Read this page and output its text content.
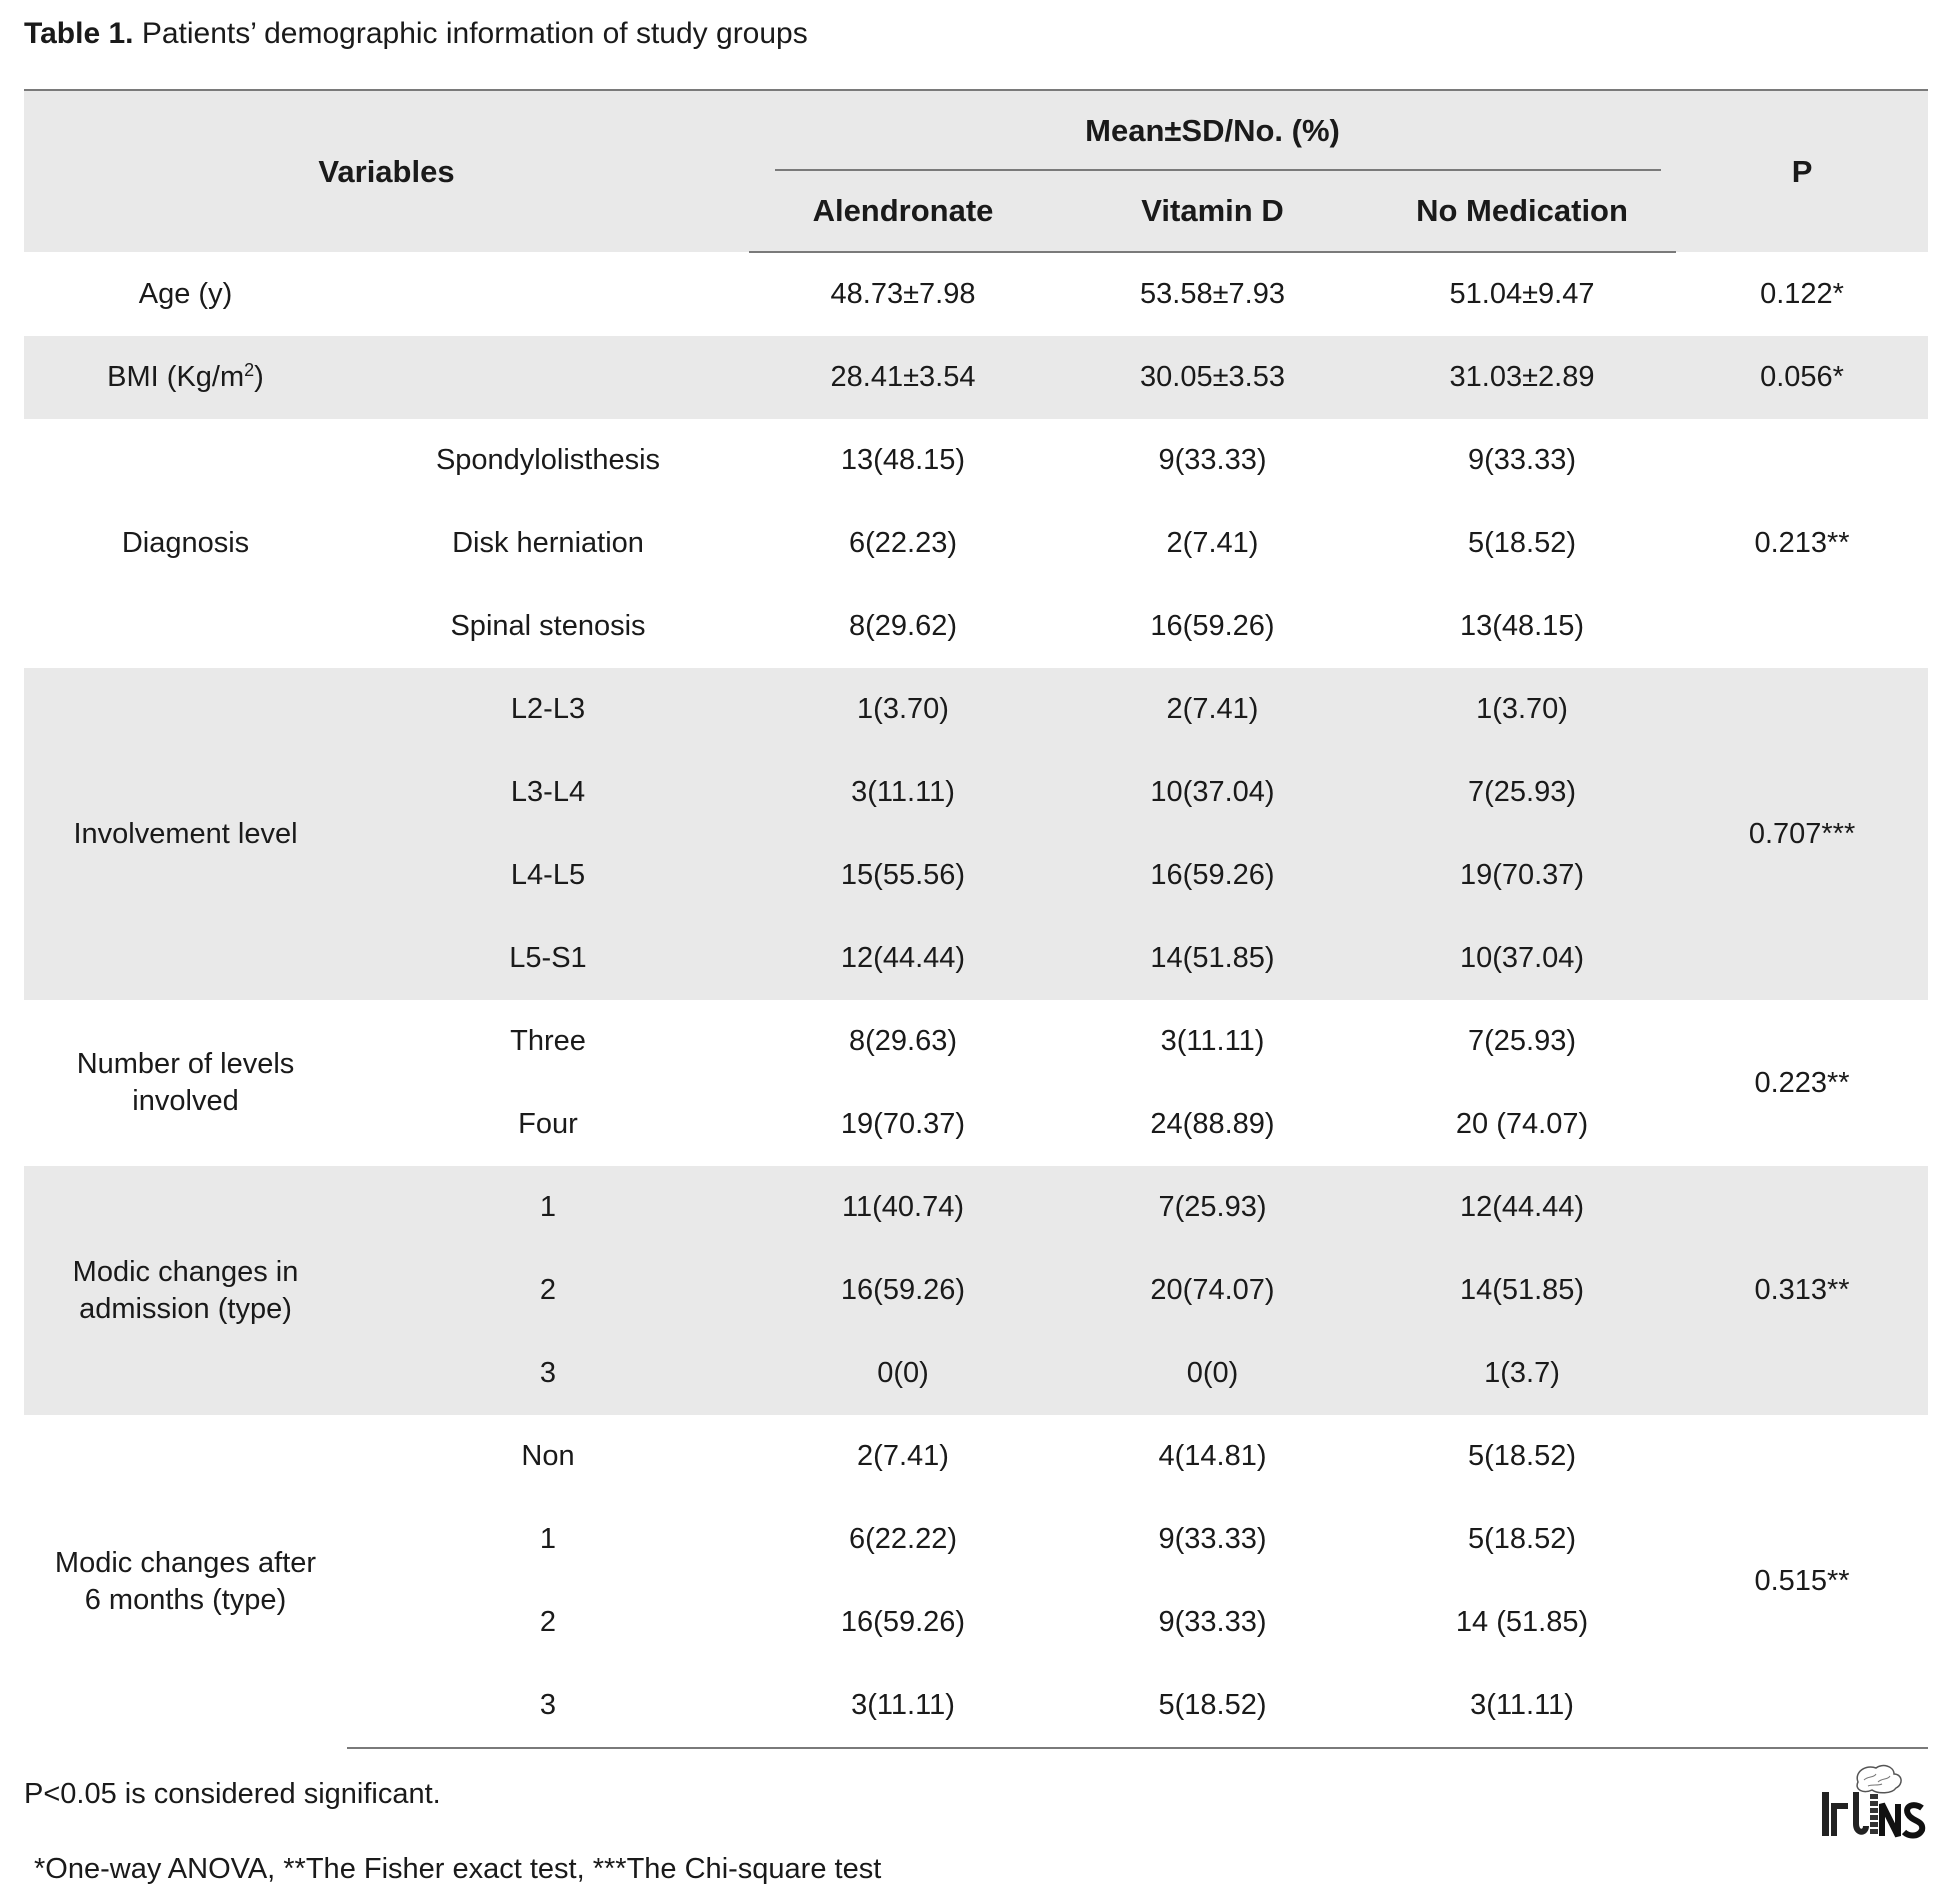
Table 1. Patients’ demographic information of study groups
Variables		Mean±SD/No. (%)			P
		Alendronate	Vitamin D	No Medication	
Age (y)		48.73±7.98	53.58±7.93	51.04±9.47	0.122*
BMI $(Kg/m^2)$		28.41±3.54	30.05±3.53	31.03±2.89	0.056*
Diagnosis	Spondylolisthesis	13(48.15)	9(33.33)	9(33.33)	0.213**
	Disk herniation	6(22.23)	2(7.41)	5(18.52)	
	Spinal stenosis	8(29.62)	16(59.26)	13(48.15)	
Involvement level	L2-L3	1(3.70)	2(7.41)	1(3.70)	0.707***
	L3-L4	3(11.11)	10(37.04)	7(25.93)	
	L4-L5	15(55.56)	16(59.26)	19(70.37)	
	L5-S1	12(44.44)	14(51.85)	10(37.04)	
Number of levels
involved	Three	8(29.63)	3(11.11)	7(25.93)	0.223**
	Four	19(70.37)	24(88.89)	20 (74.07)	
Modic changes in
admission (type)	1	11(40.74)	7(25.93)	12(44.44)	0.313**
	2	16(59.26)	20(74.07)	14(51.85)	
	3	0(0)	0(0)	1(3.7)	
Modic changes after
6 months (type)	Non	2(7.41)	4(14.81)	5(18.52)	0.515**
	1	6(22.22)	9(33.33)	5(18.52)	
	2	16(59.26)	9(33.33)	14 (51.85)	
	3	3(11.11)	5(18.52)	3(11.11)	
P<0.05 is considered significant.
*One-way ANOVA, **The Fisher exact test, ***The Chi-square test
